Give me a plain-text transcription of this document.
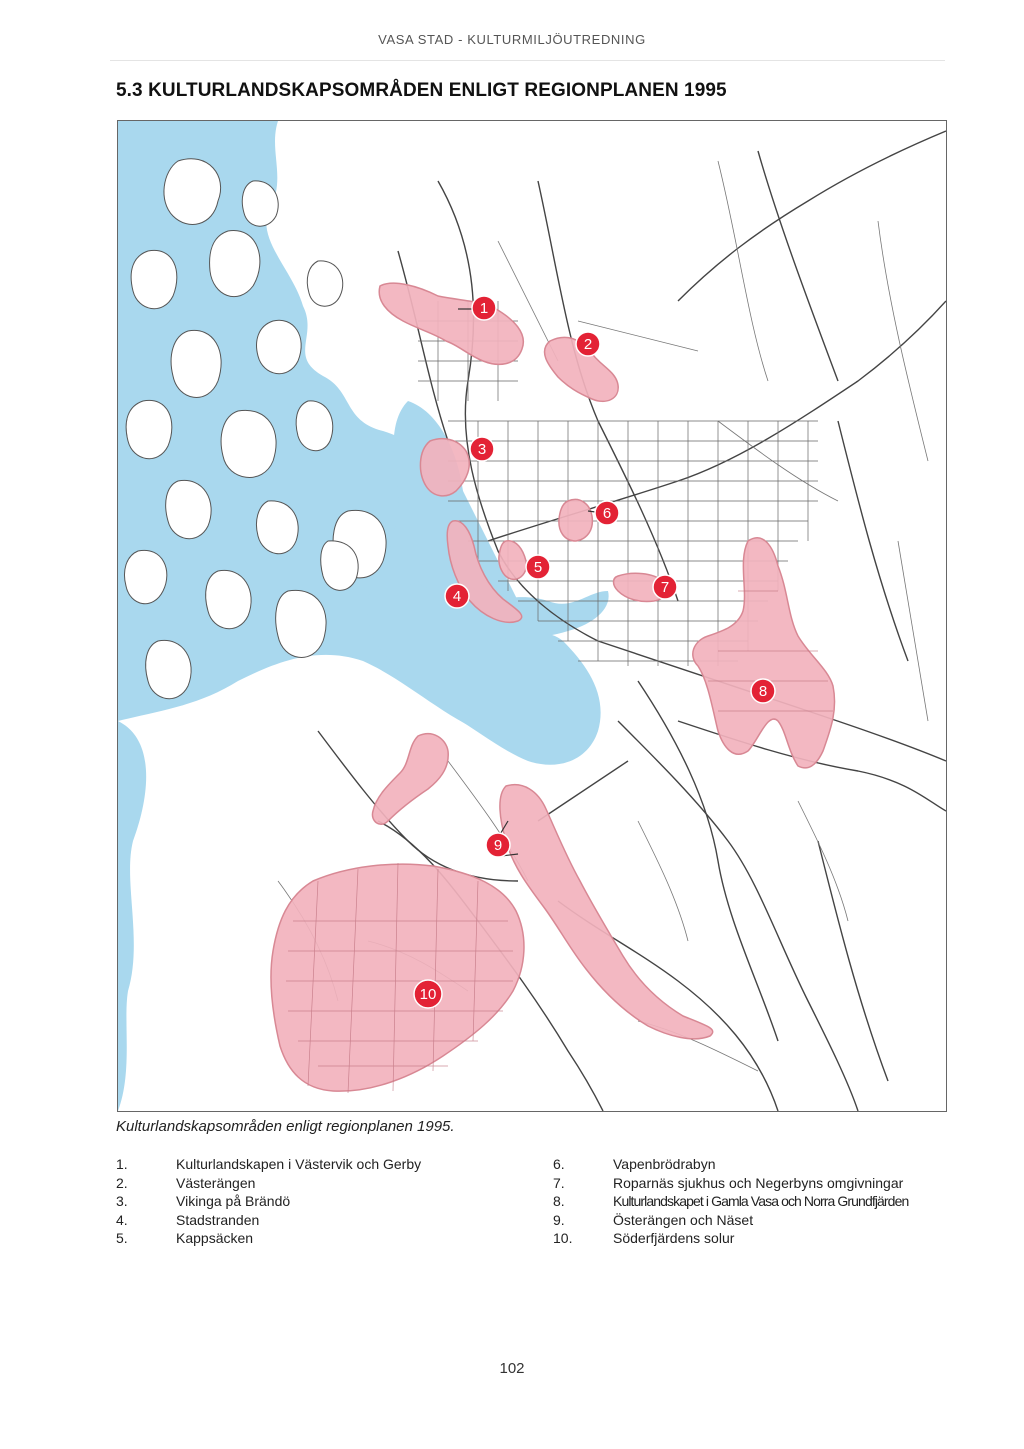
VASA STAD - KULTURMILJÖUTREDNING
5.3 KULTURLANDSKAPSOMRÅDEN ENLIGT REGIONPLANEN 1995
1
2
3
4
5
6
7
8
9
10
Kulturlandskapsområden enligt regionplanen 1995.
1.	Kulturlandskapen i Västervik och Gerby
2.	Västerängen
3.	Vikinga på Brändö
4.	Stadstranden
5.	Kappsäcken
6.	Vapenbrödrabyn
7.	Roparnäs sjukhus och Negerbyns omgivningar
8.	Kulturlandskapet i Gamla Vasa och Norra Grundfjärden
9.	Österängen och Näset
10.	Söderfjärdens solur
102
